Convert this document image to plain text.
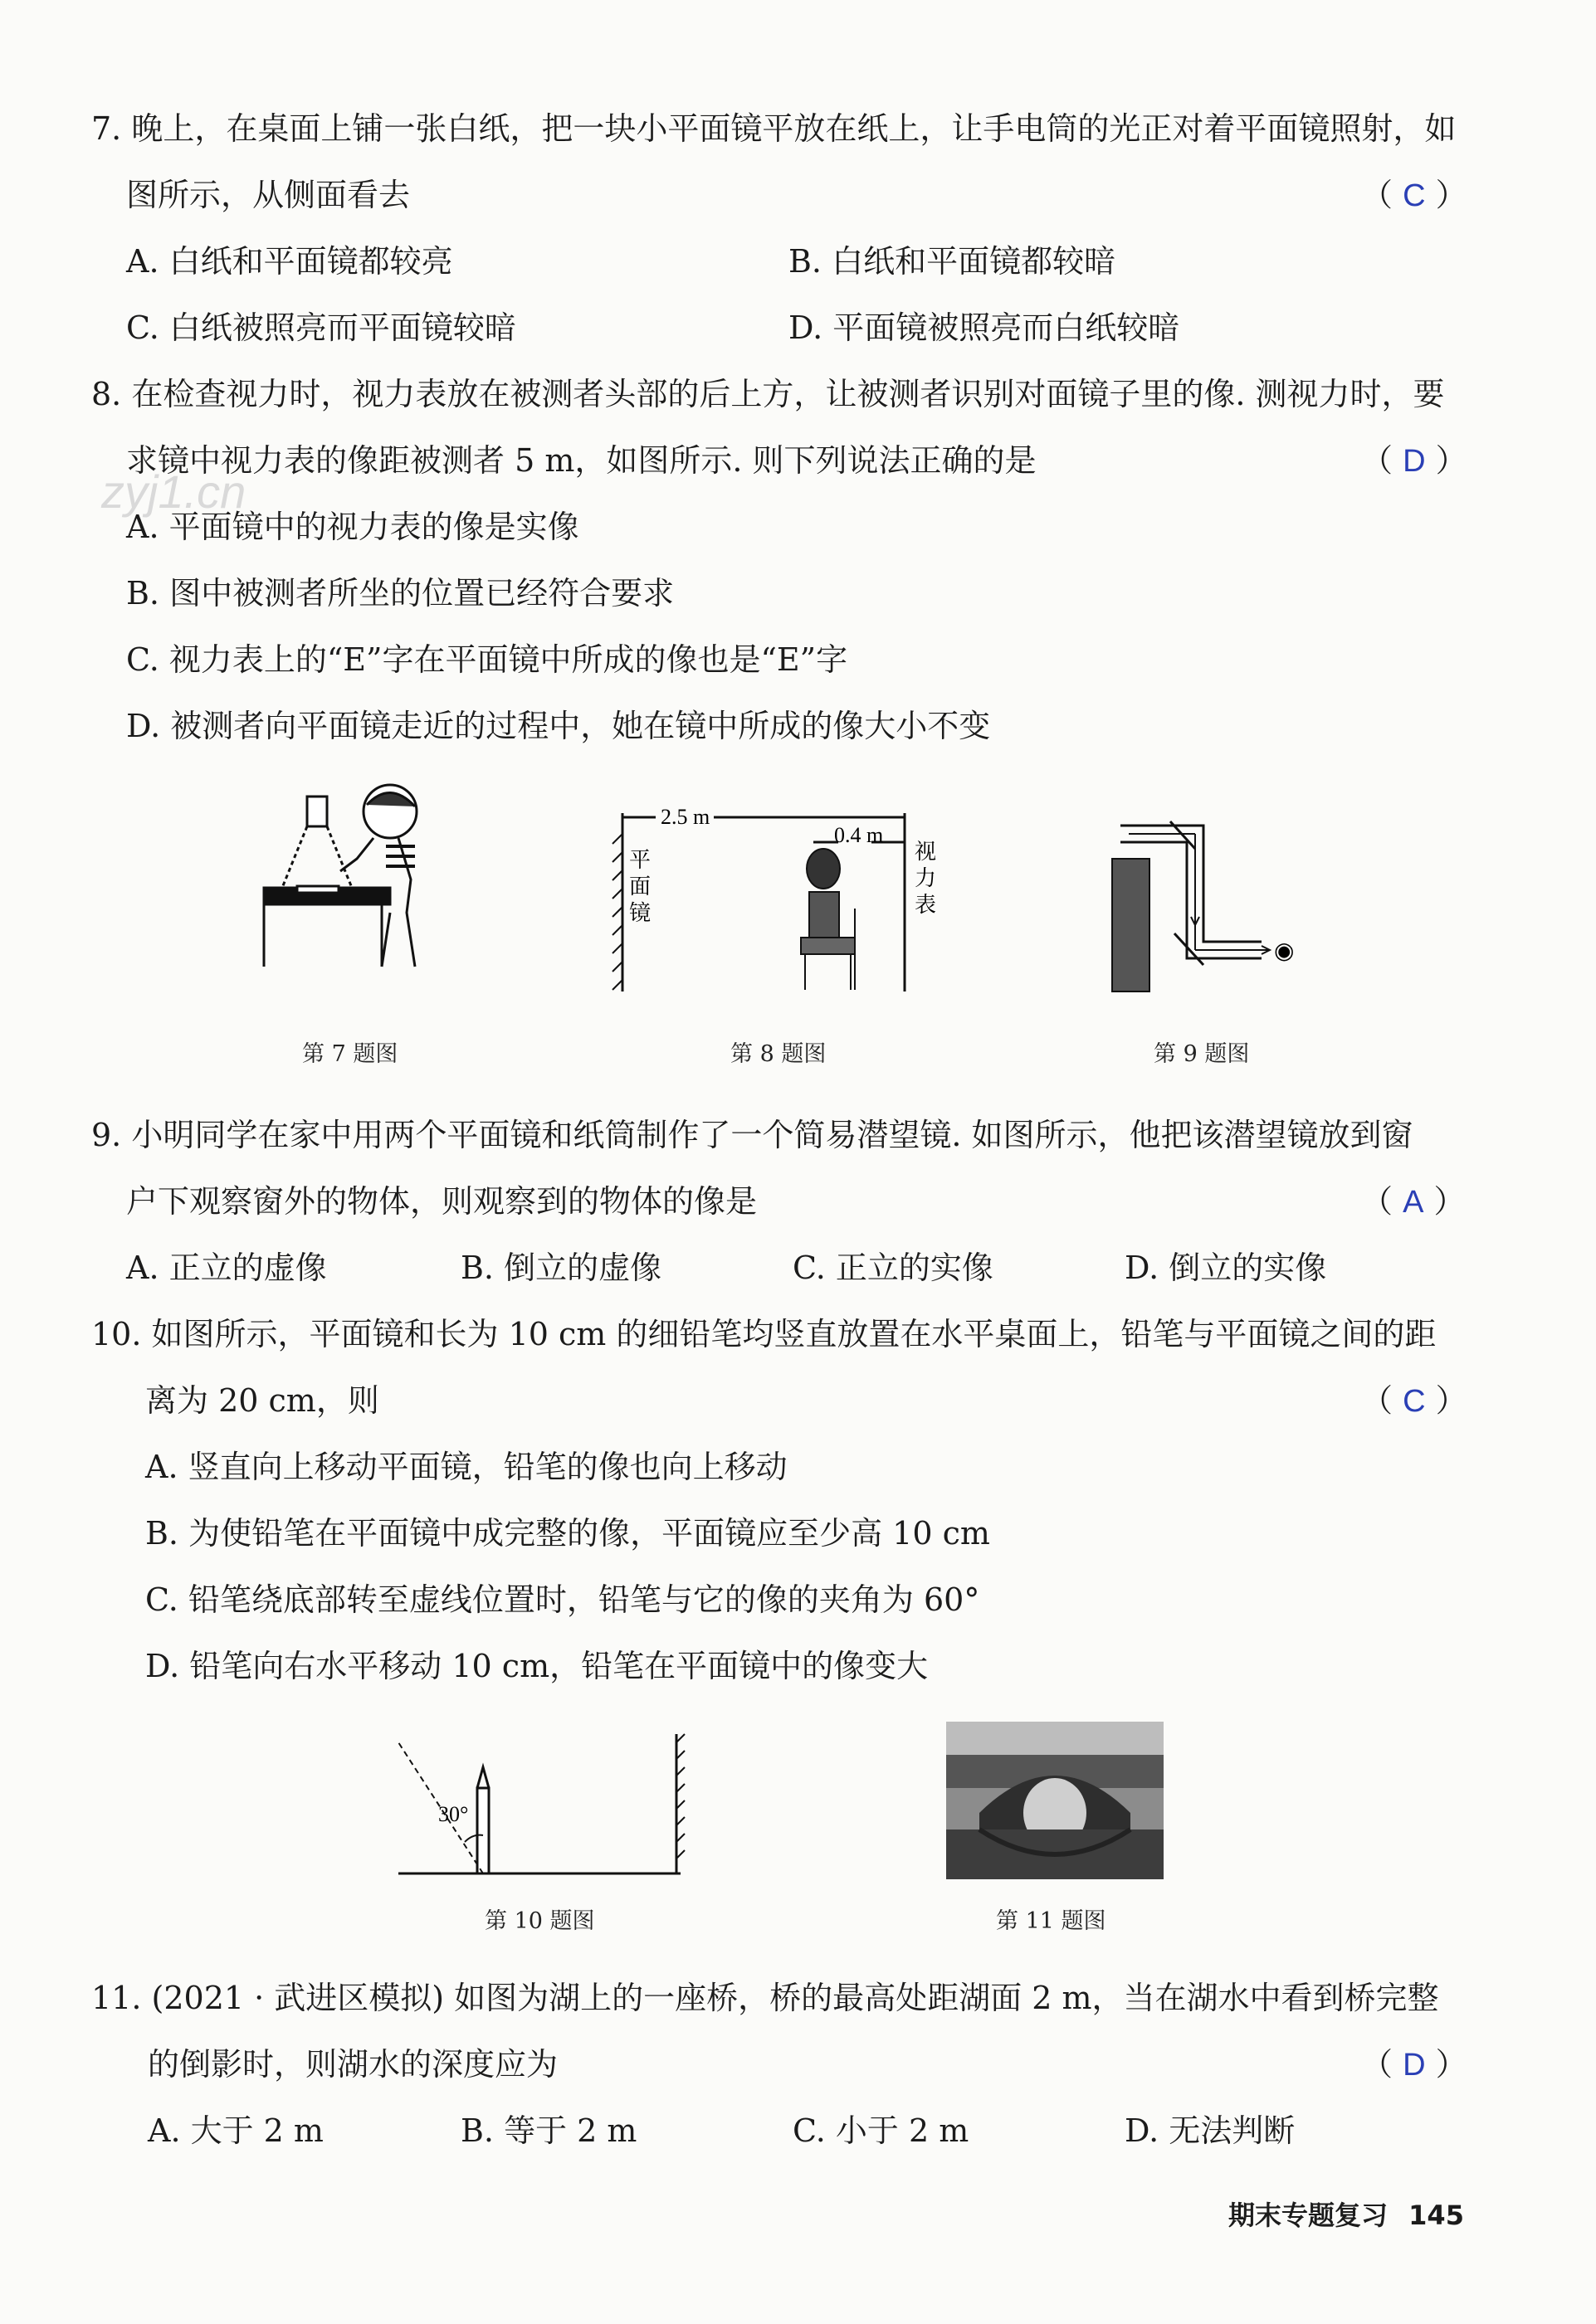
zyj1.cn
7. 晚上，在桌面上铺一张白纸，把一块小平面镜平放在纸上，让手电筒的光正对着平面镜照射，如
图所示，从侧面看去	（ C ）
A. 白纸和平面镜都较亮	B. 白纸和平面镜都较暗
C. 白纸被照亮而平面镜较暗	D. 平面镜被照亮而白纸较暗
8. 在检查视力时，视力表放在被测者头部的后上方，让被测者识别对面镜子里的像. 测视力时，要
求镜中视力表的像距被测者 5 m，如图所示. 则下列说法正确的是	（ D ）
A. 平面镜中的视力表的像是实像
B. 图中被测者所坐的位置已经符合要求
C. 视力表上的“E”字在平面镜中所成的像也是“E”字
D. 被测者向平面镜走近的过程中，她在镜中所成的像大小不变
平
面
镜
视
力
表
2.5 m
0.4 m
◉
第 7 题图	第 8 题图	第 9 题图
9. 小明同学在家中用两个平面镜和纸筒制作了一个简易潜望镜. 如图所示，他把该潜望镜放到窗
户下观察窗外的物体，则观察到的物体的像是	（ A ）
A. 正立的虚像	B. 倒立的虚像	C. 正立的实像	D. 倒立的实像
10. 如图所示，平面镜和长为 10 cm 的细铅笔均竖直放置在水平桌面上，铅笔与平面镜之间的距
离为 20 cm，则	（ C ）
A. 竖直向上移动平面镜，铅笔的像也向上移动
B. 为使铅笔在平面镜中成完整的像，平面镜应至少高 10 cm
C. 铅笔绕底部转至虚线位置时，铅笔与它的像的夹角为 60°
D. 铅笔向右水平移动 10 cm，铅笔在平面镜中的像变大
30°
第 10 题图	第 11 题图
11. (2021 · 武进区模拟) 如图为湖上的一座桥，桥的最高处距湖面 2 m，当在湖水中看到桥完整
的倒影时，则湖水的深度应为	（ D ）
A. 大于 2 m	B. 等于 2 m	C. 小于 2 m	D. 无法判断
期末专题复习 145
